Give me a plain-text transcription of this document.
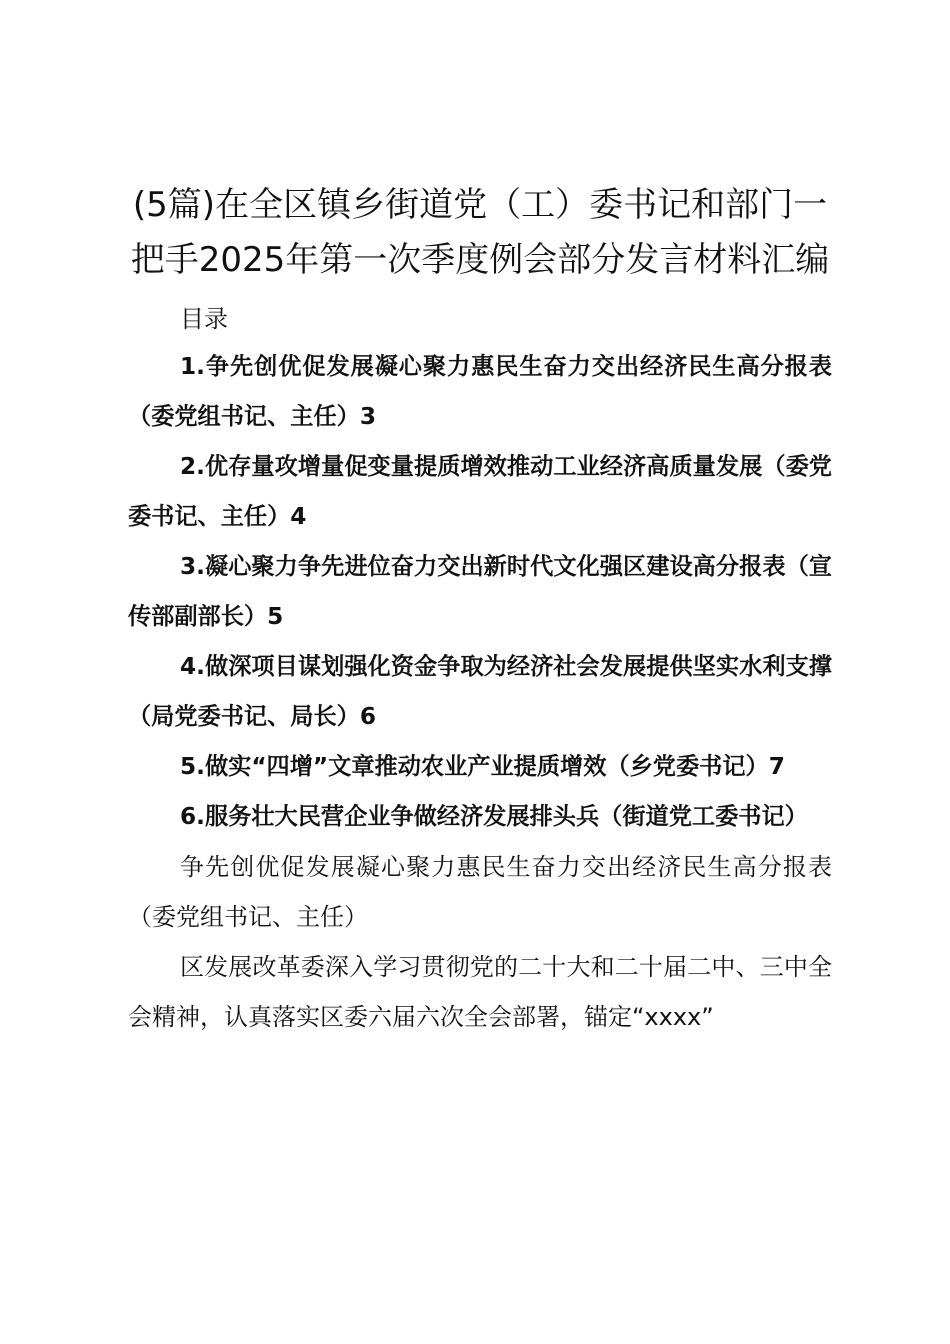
(5篇)在全区镇乡街道党（工）委书记和部门一把手2025年第一次季度例会部分发言材料汇编

目录

1.争先创优促发展凝心聚力惠民生奋力交出经济民生高分报表（委党组书记、主任）3
2.优存量攻增量促变量提质增效推动工业经济高质量发展（委党委书记、主任）4
3.凝心聚力争先进位奋力交出新时代文化强区建设高分报表（宣传部副部长）5
4.做深项目谋划强化资金争取为经济社会发展提供坚实水利支撑（局党委书记、局长）6
5.做实“四增”文章推动农业产业提质增效（乡党委书记）7
6.服务壮大民营企业争做经济发展排头兵（街道党工委书记）

争先创优促发展凝心聚力惠民生奋力交出经济民生高分报表（委党组书记、主任）

区发展改革委深入学习贯彻党的二十大和二十届二中、三中全会精神，认真落实区委六届六次全会部署，锚定“xxxx”
